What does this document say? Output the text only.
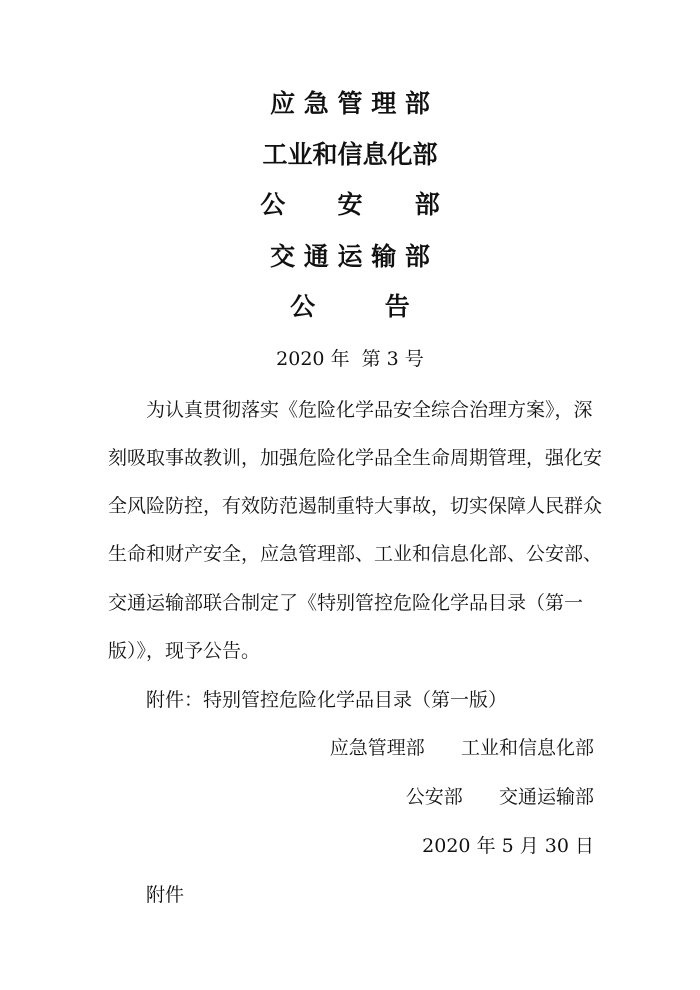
应 急 管 理 部
工业和信息化部
公      安      部
交 通 运 输 部
公        告
2020 年  第 3 号
为认真贯彻落实《危险化学品安全综合治理方案》，深
刻吸取事故教训，加强危险化学品全生命周期管理，强化安
全风险防控，有效防范遏制重特大事故，切实保障人民群众
生命和财产安全，应急管理部、工业和信息化部、公安部、
交通运输部联合制定了《特别管控危险化学品目录（第一
版）》，现予公告。
附件：特别管控危险化学品目录（第一版）
应急管理部      工业和信息化部
公安部      交通运输部
2020 年 5 月 30 日
附件
